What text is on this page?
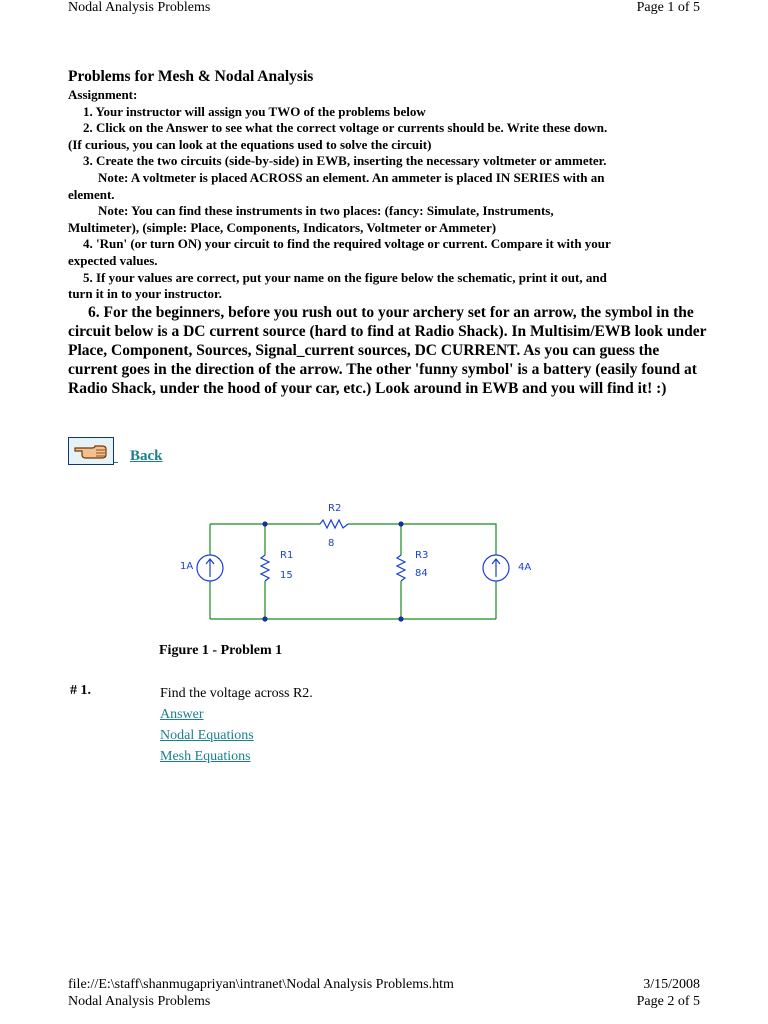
Nodal Analysis Problems	Page 1 of 5

Problems for Mesh & Nodal Analysis

Assignment:
1. Your instructor will assign you TWO of the problems below
2. Click on the Answer to see what the correct voltage or currents should be. Write these down.
(If curious, you can look at the equations used to solve the circuit)
3. Create the two circuits (side-by-side) in EWB, inserting the necessary voltmeter or ammeter.
Note: A voltmeter is placed ACROSS an element. An ammeter is placed IN SERIES with an
element.
Note: You can find these instruments in two places: (fancy: Simulate, Instruments,
Multimeter), (simple: Place, Components, Indicators, Voltmeter or Ammeter)
4. 'Run' (or turn ON) your circuit to find the required voltage or current. Compare it with your
expected values.
5. If your values are correct, put your name on the figure below the schematic, print it out, and
turn it in to your instructor.

6. For the beginners, before you rush out to your archery set for an arrow, the symbol in the circuit below is a DC current source (hard to find at Radio Shack). In Multisim/EWB look under Place, Component, Sources, Signal_current sources, DC CURRENT. As you can guess the current goes in the direction of the arrow. The other 'funny symbol' is a battery (easily found at Radio Shack, under the hood of your car, etc.) Look around in EWB and you will find it! :)

Back
R2
8
R1
15
R3
84
1A	4A
Figure 1 - Problem 1
# 1.	Find the voltage across R2.
Answer
Nodal Equations
Mesh Equations
file://E:\staff\shanmugapriyan\intranet\Nodal Analysis Problems.htm	3/15/2008
Nodal Analysis Problems	Page 2 of 5
